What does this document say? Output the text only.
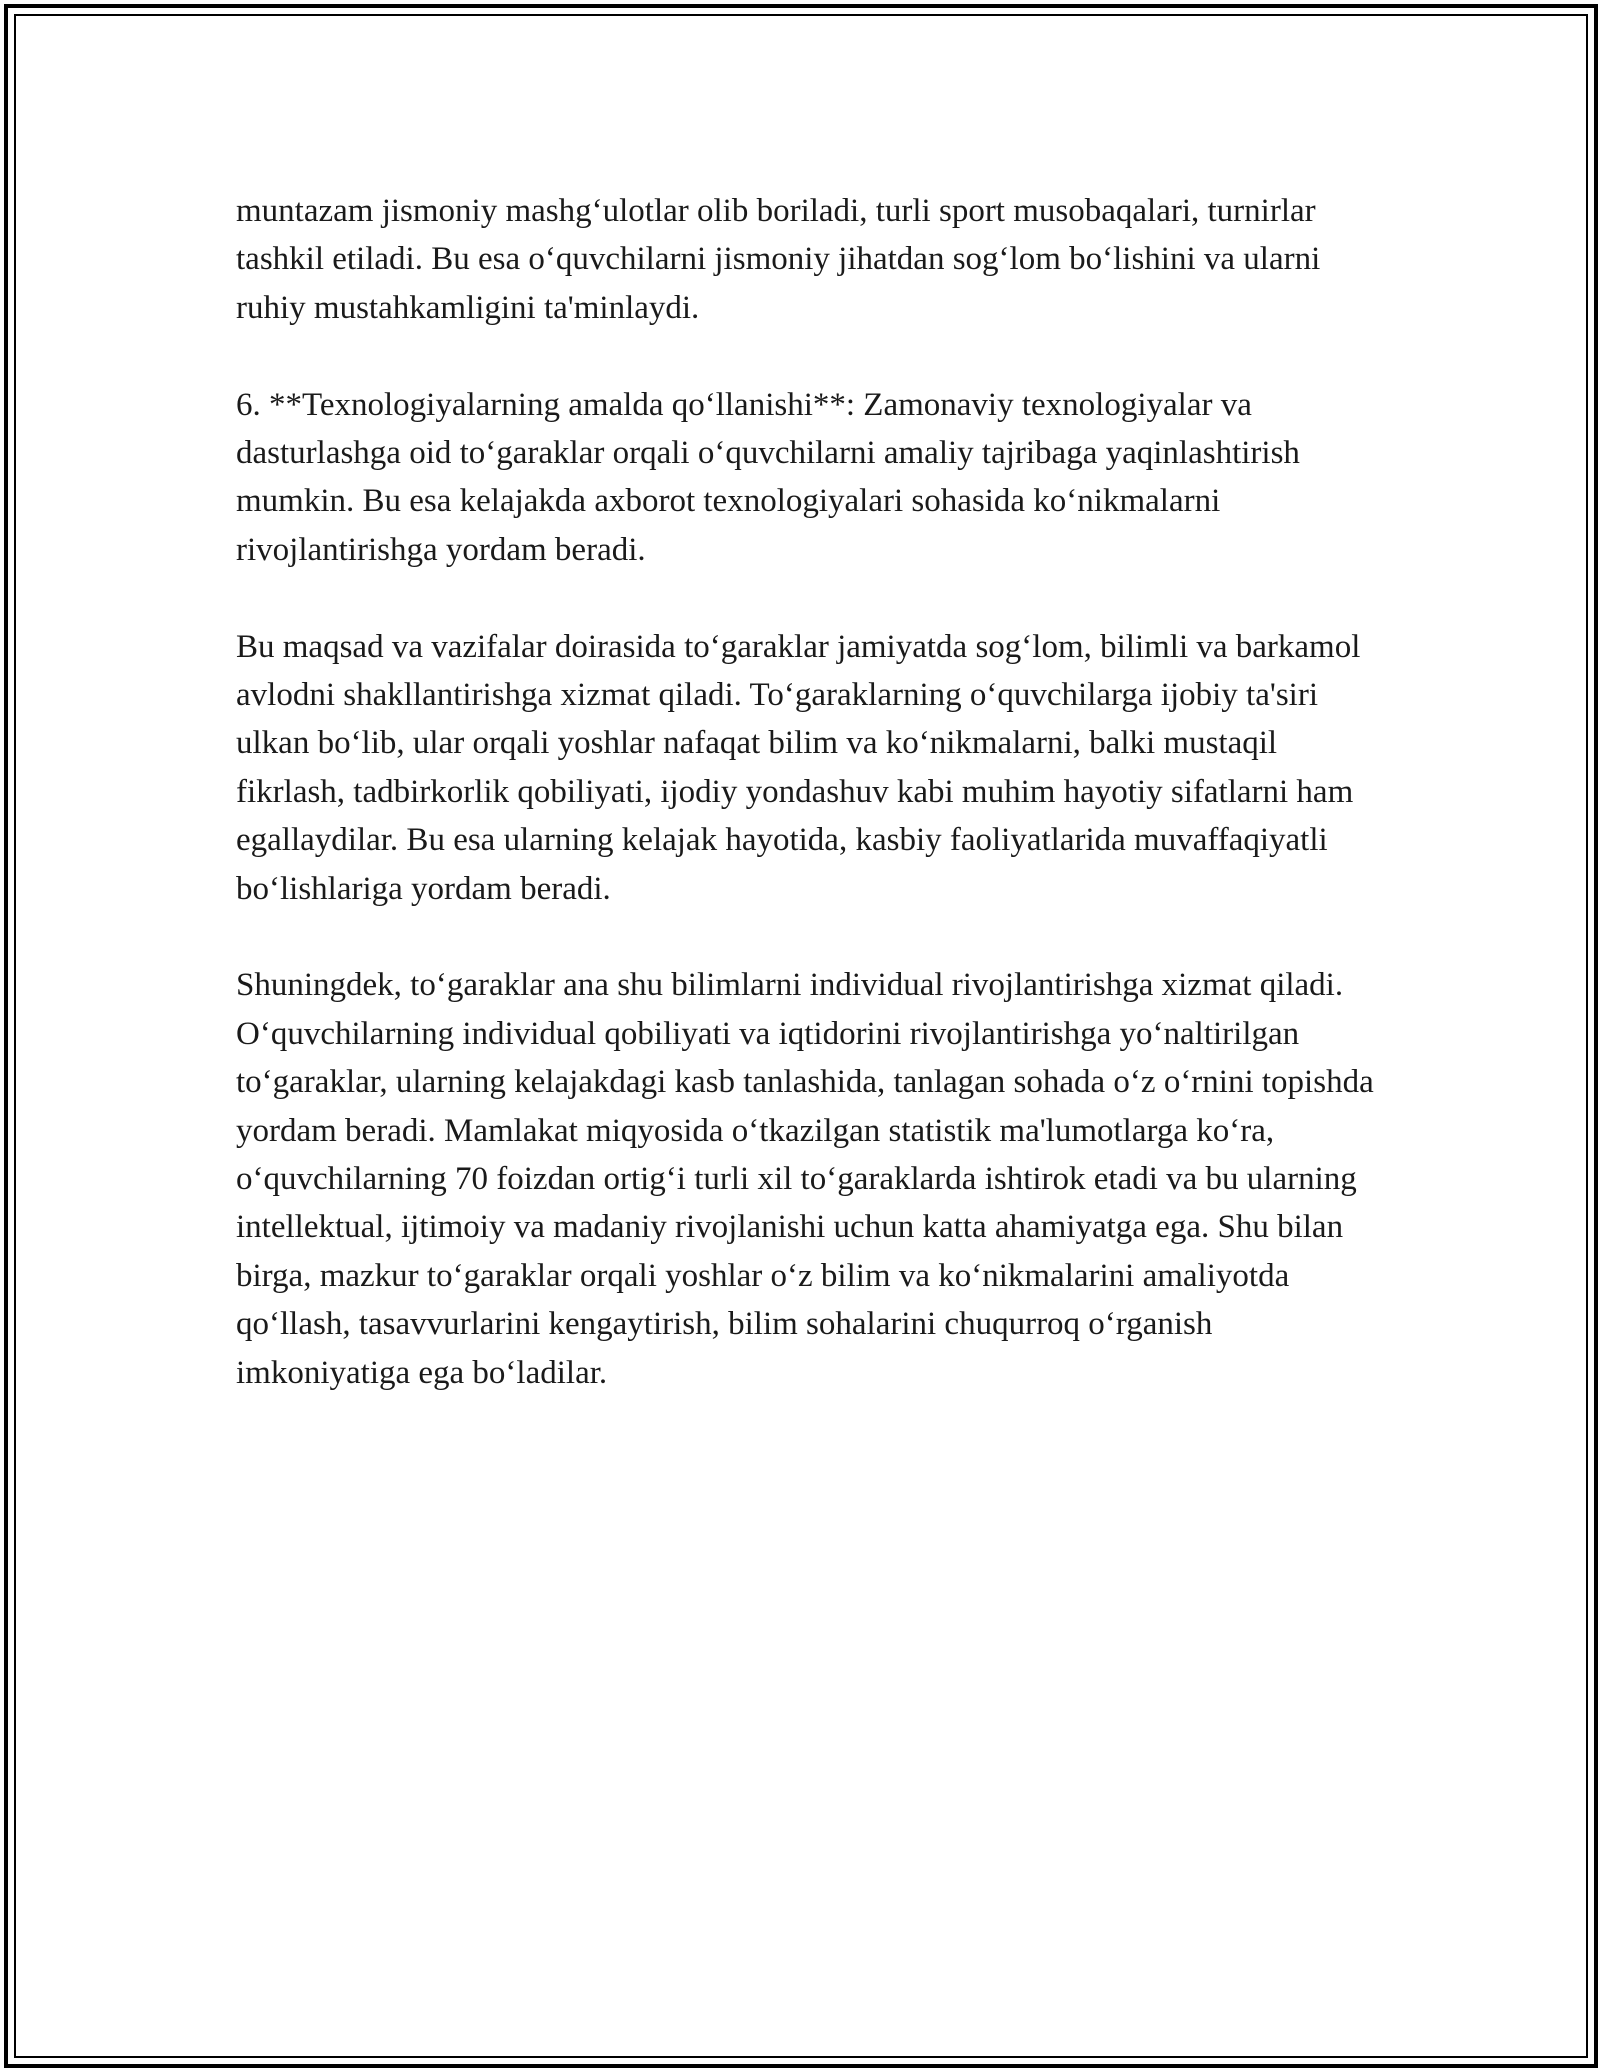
muntazam jismoniy mashg‘ulotlar olib boriladi, turli sport musobaqalari, turnirlar tashkil etiladi. Bu esa o‘quvchilarni jismoniy jihatdan sog‘lom bo‘lishini va ularni ruhiy mustahkamligini ta'minlaydi.

6. **Texnologiyalarning amalda qo‘llanishi**: Zamonaviy texnologiyalar va dasturlashga oid to‘garaklar orqali o‘quvchilarni amaliy tajribaga yaqinlashtirish mumkin. Bu esa kelajakda axborot texnologiyalari sohasida ko‘nikmalarni rivojlantirishga yordam beradi.

Bu maqsad va vazifalar doirasida to‘garaklar jamiyatda sog‘lom, bilimli va barkamol avlodni shakllantirishga xizmat qiladi. To‘garaklarning o‘quvchilarga ijobiy ta'siri ulkan bo‘lib, ular orqali yoshlar nafaqat bilim va ko‘nikmalarni, balki mustaqil fikrlash, tadbirkorlik qobiliyati, ijodiy yondashuv kabi muhim hayotiy sifatlarni ham egallaydilar. Bu esa ularning kelajak hayotida, kasbiy faoliyatlarida muvaffaqiyatli bo‘lishlariga yordam beradi.

Shuningdek, to‘garaklar ana shu bilimlarni individual rivojlantirishga xizmat qiladi. O‘quvchilarning individual qobiliyati va iqtidorini rivojlantirishga yo‘naltirilgan to‘garaklar, ularning kelajakdagi kasb tanlashida, tanlagan sohada o‘z o‘rnini topishda yordam beradi. Mamlakat miqyosida o‘tkazilgan statistik ma'lumotlarga ko‘ra, o‘quvchilarning 70 foizdan ortig‘i turli xil to‘garaklarda ishtirok etadi va bu ularning intellektual, ijtimoiy va madaniy rivojlanishi uchun katta ahamiyatga ega. Shu bilan birga, mazkur to‘garaklar orqali yoshlar o‘z bilim va ko‘nikmalarini amaliyotda qo‘llash, tasavvurlarini kengaytirish, bilim sohalarini chuqurroq o‘rganish imkoniyatiga ega bo‘ladilar.
